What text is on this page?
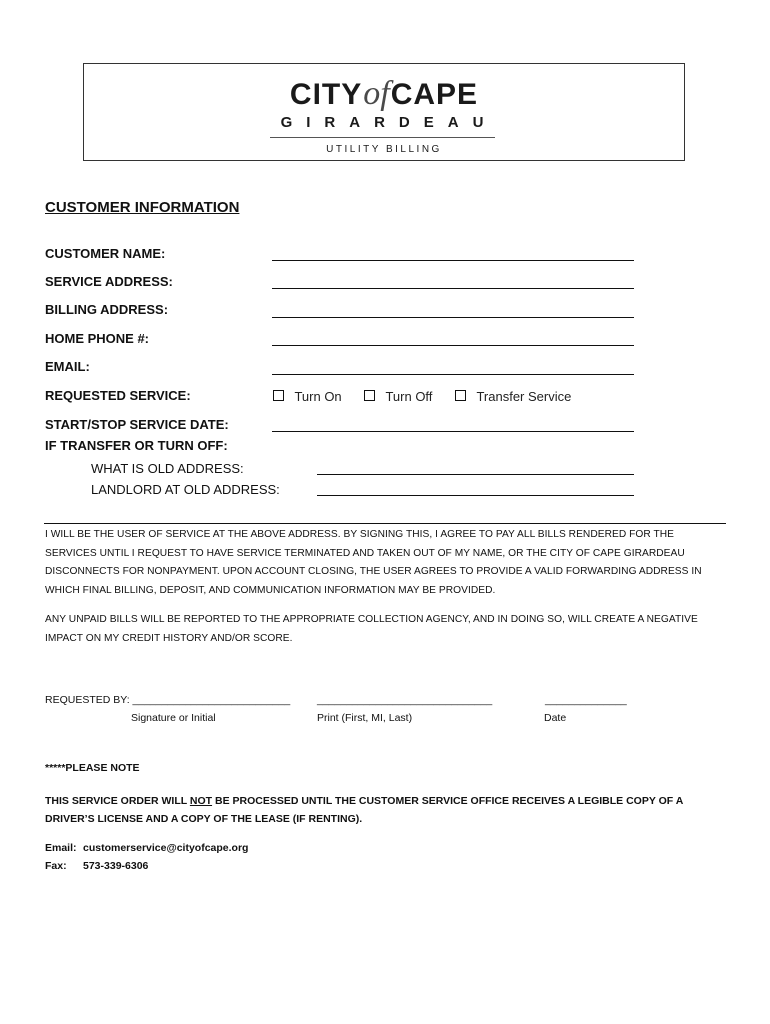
CITYofCAPE
GIRARDEAU
UTILITY BILLING
CUSTOMER INFORMATION
CUSTOMER NAME:
SERVICE ADDRESS:
BILLING ADDRESS:
HOME PHONE #:
EMAIL:
REQUESTED SERVICE:	Turn On	Turn Off	Transfer Service
START/STOP SERVICE DATE:
IF TRANSFER OR TURN OFF:
WHAT IS OLD ADDRESS:
LANDLORD AT OLD ADDRESS:
I WILL BE THE USER OF SERVICE AT THE ABOVE ADDRESS. BY SIGNING THIS, I AGREE TO PAY ALL BILLS RENDERED FOR THE SERVICES UNTIL I REQUEST TO HAVE SERVICE TERMINATED AND TAKEN OUT OF MY NAME, OR THE CITY OF CAPE GIRARDEAU DISCONNECTS FOR NONPAYMENT. UPON ACCOUNT CLOSING, THE USER AGREES TO PROVIDE A VALID FORWARDING ADDRESS IN WHICH FINAL BILLING, DEPOSIT, AND COMMUNICATION INFORMATION MAY BE PROVIDED.
ANY UNPAID BILLS WILL BE REPORTED TO THE APPROPRIATE COLLECTION AGENCY, AND IN DOING SO, WILL CREATE A NEGATIVE IMPACT ON MY CREDIT HISTORY AND/OR SCORE.
REQUESTED BY: ___________________________	______________________________	______________
Signature or Initial	Print (First, MI, Last)	Date
*****PLEASE NOTE
THIS SERVICE ORDER WILL NOT BE PROCESSED UNTIL THE CUSTOMER SERVICE OFFICE RECEIVES A LEGIBLE COPY OF A DRIVER’S LICENSE AND A COPY OF THE LEASE (IF RENTING).
Email: customerservice@cityofcape.org
Fax: 573-339-6306
